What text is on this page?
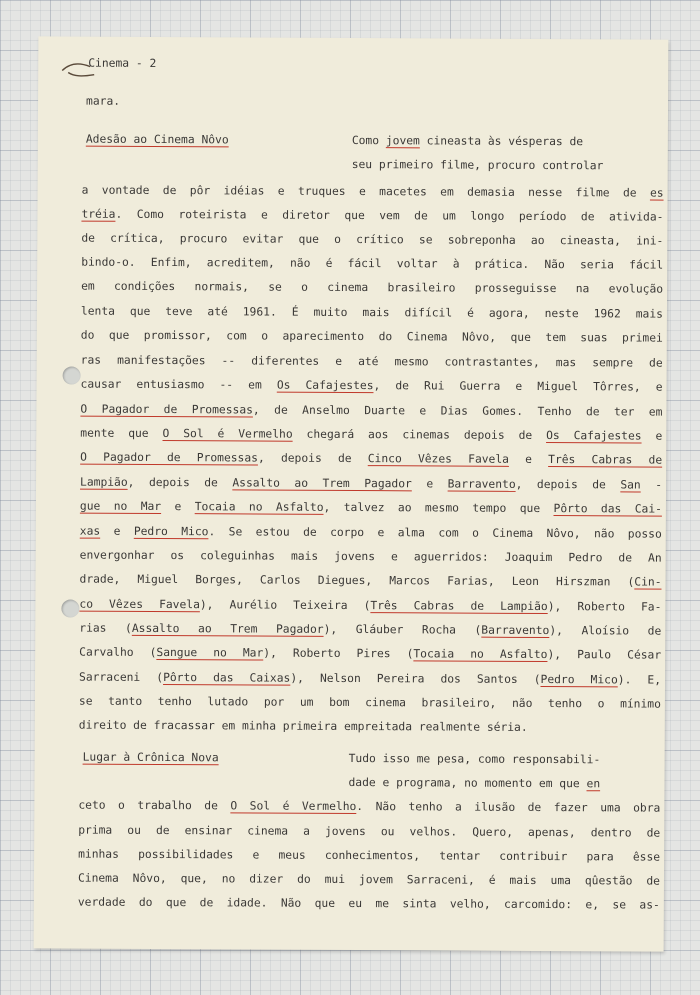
Cinema - 2
mara.
Adesão ao Cinema Nôvo	Como jovem cineasta às vésperas de
seu primeiro filme, procuro controlar
a vontade de pôr idéias e truques e macetes em demasia nesse filme de es
tréia. Como roteirista e diretor que vem de um longo período de ativida-
de crítica, procuro evitar que o crítico se sobreponha ao cineasta, ini-
bindo-o. Enfim, acreditem, não é fácil voltar à prática. Não seria fácil
em condições normais, se o cinema brasileiro prosseguisse na evolução
lenta que teve até 1961. É muito mais difícil é agora, neste 1962 mais
do que promissor, com o aparecimento do Cinema Nôvo, que tem suas primei
ras manifestações -- diferentes e até mesmo contrastantes, mas sempre de
causar entusiasmo -- em Os Cafajestes, de Rui Guerra e Miguel Tôrres, e
O Pagador de Promessas, de Anselmo Duarte e Dias Gomes. Tenho de ter em
mente que O Sol é Vermelho chegará aos cinemas depois de Os Cafajestes e
O Pagador de Promessas, depois de Cinco Vêzes Favela e Três Cabras de
Lampião, depois de Assalto ao Trem Pagador e Barravento, depois de San -
gue no Mar e Tocaia no Asfalto, talvez ao mesmo tempo que Pôrto das Cai-
xas e Pedro Mico. Se estou de corpo e alma com o Cinema Nôvo, não posso
envergonhar os coleguinhas mais jovens e aguerridos: Joaquim Pedro de An
drade, Miguel Borges, Carlos Diegues, Marcos Farias, Leon Hirszman (Cin-
co Vêzes Favela), Aurélio Teixeira (Três Cabras de Lampião), Roberto Fa-
rias (Assalto ao Trem Pagador), Gláuber Rocha (Barravento), Aloísio de
Carvalho (Sangue no Mar), Roberto Pires (Tocaia no Asfalto), Paulo César
Sarraceni (Pôrto das Caixas), Nelson Pereira dos Santos (Pedro Mico). E,
se tanto tenho lutado por um bom cinema brasileiro, não tenho o mínimo
direito de fracassar em minha primeira empreitada realmente séria.
Lugar à Crônica Nova	Tudo isso me pesa, como responsabili-
dade e programa, no momento em que en
ceto o trabalho de O Sol é Vermelho. Não tenho a ilusão de fazer uma obra
prima ou de ensinar cinema a jovens ou velhos. Quero, apenas, dentro de
minhas possibilidades e meus conhecimentos, tentar contribuir para êsse
Cinema Nôvo, que, no dizer do mui jovem Sarraceni, é mais uma qûestão de
verdade do que de idade. Não que eu me sinta velho, carcomido: e, se as-
